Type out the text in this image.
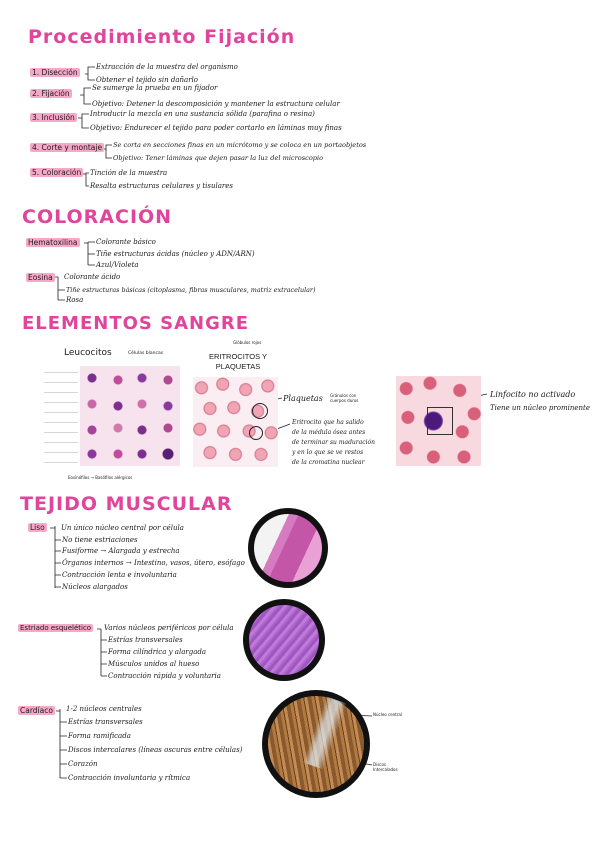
Procedimiento Fijación
COLORACIÓN
ELEMENTOS SANGRE
TEJIDO MUSCULAR
1. Disección
Extracción de la muestra del organismo
Obtener el tejido sin dañarlo
2. Fijación
Se sumerge la prueba en un fijador
Objetivo: Detener la descomposición y mantener la estructura celular
3. Inclusión Introducir la mezcla en una sustancia sólida (parafina o resina)
Objetivo: Endurecer el tejido para poder cortarlo en láminas muy finas
4. Corte y montaje	Se corta en secciones finas en un micrótomo y se coloca en un portaobjetos
Objetivo: Tener láminas que dejen pasar la luz del microscopio
5. Coloración Tinción de la muestra
Resalta estructuras celulares y tisulares
Hematoxilina	Colorante básico
Tiñe estructuras ácidas (núcleo y ADN/ARN)
Azul/Violeta
Eosina Colorante ácido
Tiñe estructuras básicas (citoplasma, fibras musculares, matriz extracelular)
Rosa
Leucocitos	Células blancas
Eosinófilos → Basófilos alérgicos
Glóbulos rojos
ERITROCITOS Y PLAQUETAS
Plaquetas Gránulos con cuerpos duros
Eritrocito que ha salido
de la médula ósea antes
de terminar su maduración
y en lo que se ve restos
de la cromatina nuclear
Linfocito no activado
Tiene un núcleo prominente
Liso Un único núcleo central por célula
No tiene estriaciones
Fusiforme → Alargada y estrecha
Órganos internos → Intestino, vasos, útero, esófago
Contracción lenta e involuntaria
Núcleos alargados
Estriado esquelético Varios núcleos periféricos por célula
Estrías transversales
Forma cilíndrica y alargada
Músculos unidos al hueso
Contracción rápida y voluntaria
Cardíaco 1-2 núcleos centrales
Estrías transversales
Forma ramificada
Discos intercalares (líneas oscuras entre células)
Corazón
Contracción involuntaria y rítmica
Núcleo central
Discos Intercalados
